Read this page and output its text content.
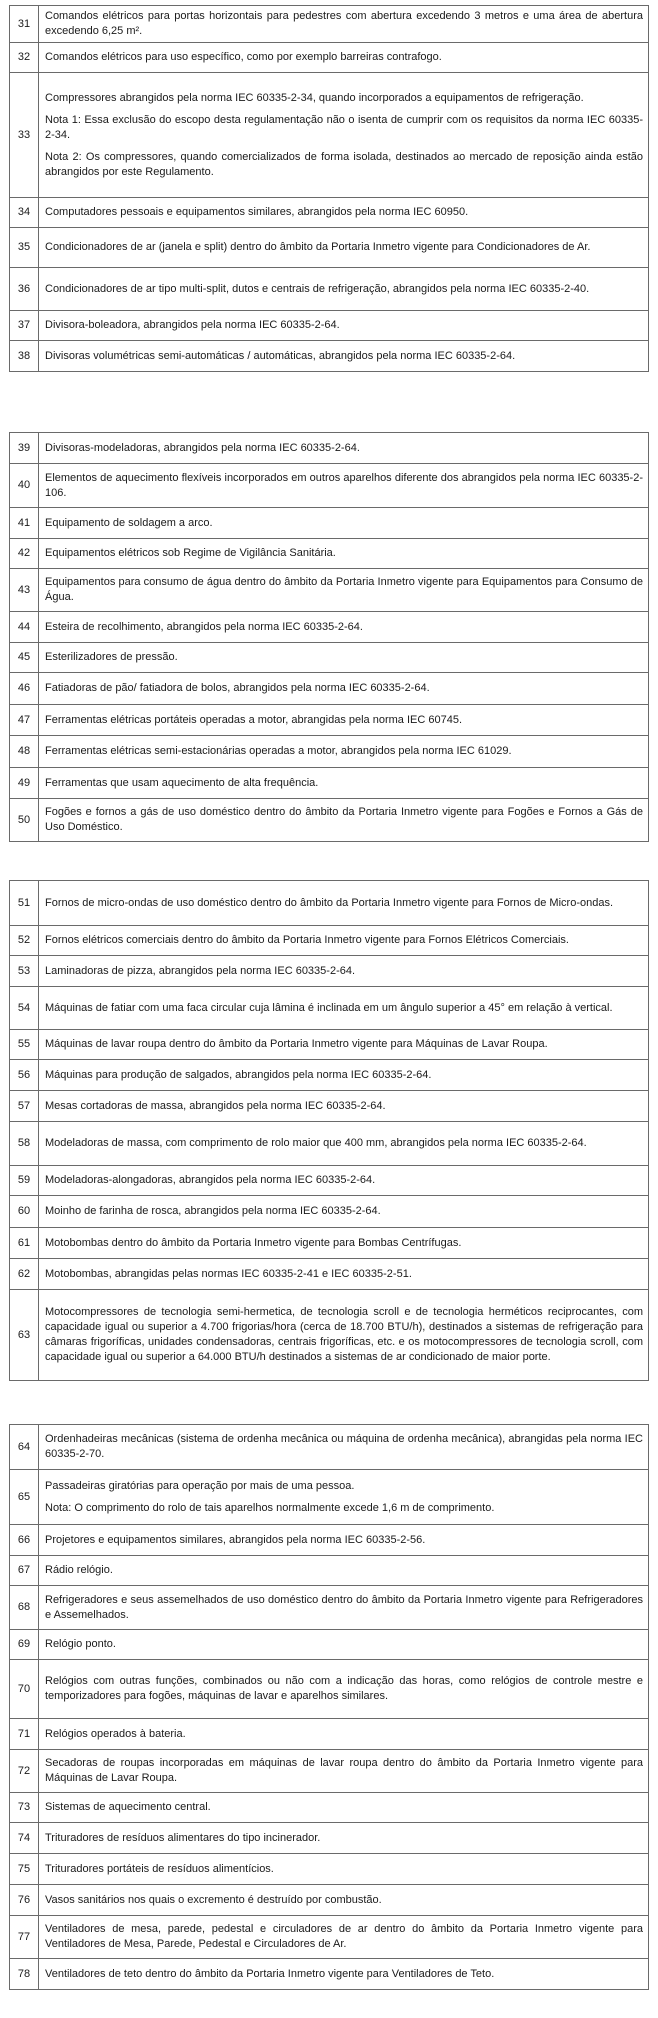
31	Comandos elétricos para portas horizontais para pedestres com abertura excedendo 3 metros e uma área de abertura excedendo 6,25 m².

32	Comandos elétricos para uso específico, como por exemplo barreiras contrafogo.

33	Compressores abrangidos pela norma IEC 60335-2-34, quando incorporados a equipamentos de refrigeração.

Nota 1: Essa exclusão do escopo desta regulamentação não o isenta de cumprir com os requisitos da norma IEC 60335-2-34.

Nota 2: Os compressores, quando comercializados de forma isolada, destinados ao mercado de reposição ainda estão abrangidos por este Regulamento.

34	Computadores pessoais e equipamentos similares, abrangidos pela norma IEC 60950.

35	Condicionadores de ar (janela e split) dentro do âmbito da Portaria Inmetro vigente para Condicionadores de Ar.

36	Condicionadores de ar tipo multi-split, dutos e centrais de refrigeração, abrangidos pela norma IEC 60335-2-40.

37	Divisora-boleadora, abrangidos pela norma IEC 60335-2-64.

38	Divisoras volumétricas semi-automáticas / automáticas, abrangidos pela norma IEC 60335-2-64.

39	Divisoras-modeladoras, abrangidos pela norma IEC 60335-2-64.

40	Elementos de aquecimento flexíveis incorporados em outros aparelhos diferente dos abrangidos pela norma IEC 60335-2-106.

41	Equipamento de soldagem a arco.

42	Equipamentos elétricos sob Regime de Vigilância Sanitária.

43	Equipamentos para consumo de água dentro do âmbito da Portaria Inmetro vigente para Equipamentos para Consumo de Água.

44	Esteira de recolhimento, abrangidos pela norma IEC 60335-2-64.

45	Esterilizadores de pressão.

46	Fatiadoras de pão/ fatiadora de bolos, abrangidos pela norma IEC 60335-2-64.

47	Ferramentas elétricas portáteis operadas a motor, abrangidas pela norma IEC 60745.

48	Ferramentas elétricas semi-estacionárias operadas a motor, abrangidos pela norma IEC 61029.

49	Ferramentas que usam aquecimento de alta frequência.

50	Fogões e fornos a gás de uso doméstico dentro do âmbito da Portaria Inmetro vigente para Fogões e Fornos a Gás de Uso Doméstico.

51	Fornos de micro-ondas de uso doméstico dentro do âmbito da Portaria Inmetro vigente para Fornos de Micro-ondas.

52	Fornos elétricos comerciais dentro do âmbito da Portaria Inmetro vigente para Fornos Elétricos Comerciais.

53	Laminadoras de pizza, abrangidos pela norma IEC 60335-2-64.

54	Máquinas de fatiar com uma faca circular cuja lâmina é inclinada em um ângulo superior a 45° em relação à vertical.

55	Máquinas de lavar roupa dentro do âmbito da Portaria Inmetro vigente para Máquinas de Lavar Roupa.

56	Máquinas para produção de salgados, abrangidos pela norma IEC 60335-2-64.

57	Mesas cortadoras de massa, abrangidos pela norma IEC 60335-2-64.

58	Modeladoras de massa, com comprimento de rolo maior que 400 mm, abrangidos pela norma IEC 60335-2-64.

59	Modeladoras-alongadoras, abrangidos pela norma IEC 60335-2-64.

60	Moinho de farinha de rosca, abrangidos pela norma IEC 60335-2-64.

61	Motobombas dentro do âmbito da Portaria Inmetro vigente para Bombas Centrífugas.

62	Motobombas, abrangidas pelas normas IEC 60335-2-41 e IEC 60335-2-51.

63	Motocompressores de tecnologia semi-hermetica, de tecnologia scroll e de tecnologia herméticos reciprocantes, com capacidade igual ou superior a 4.700 frigorias/hora (cerca de 18.700 BTU/h), destinados a sistemas de refrigeração para câmaras frigoríficas, unidades condensadoras, centrais frigoríficas, etc. e os motocompressores de tecnologia scroll, com capacidade igual ou superior a 64.000 BTU/h destinados a sistemas de ar condicionado de maior porte.

64	Ordenhadeiras mecânicas (sistema de ordenha mecânica ou máquina de ordenha mecânica), abrangidas pela norma IEC 60335-2-70.

65	Passadeiras giratórias para operação por mais de uma pessoa.

Nota: O comprimento do rolo de tais aparelhos normalmente excede 1,6 m de comprimento.

66	Projetores e equipamentos similares, abrangidos pela norma IEC 60335-2-56.

67	Rádio relógio.

68	Refrigeradores e seus assemelhados de uso doméstico dentro do âmbito da Portaria Inmetro vigente para Refrigeradores e Assemelhados.

69	Relógio ponto.

70	Relógios com outras funções, combinados ou não com a indicação das horas, como relógios de controle mestre e temporizadores para fogões, máquinas de lavar e aparelhos similares.

71	Relógios operados à bateria.

72	Secadoras de roupas incorporadas em máquinas de lavar roupa dentro do âmbito da Portaria Inmetro vigente para Máquinas de Lavar Roupa.

73	Sistemas de aquecimento central.

74	Trituradores de resíduos alimentares do tipo incinerador.

75	Trituradores portáteis de resíduos alimentícios.

76	Vasos sanitários nos quais o excremento é destruído por combustão.

77	Ventiladores de mesa, parede, pedestal e circuladores de ar dentro do âmbito da Portaria Inmetro vigente para Ventiladores de Mesa, Parede, Pedestal e Circuladores de Ar.

78	Ventiladores de teto dentro do âmbito da Portaria Inmetro vigente para Ventiladores de Teto.
